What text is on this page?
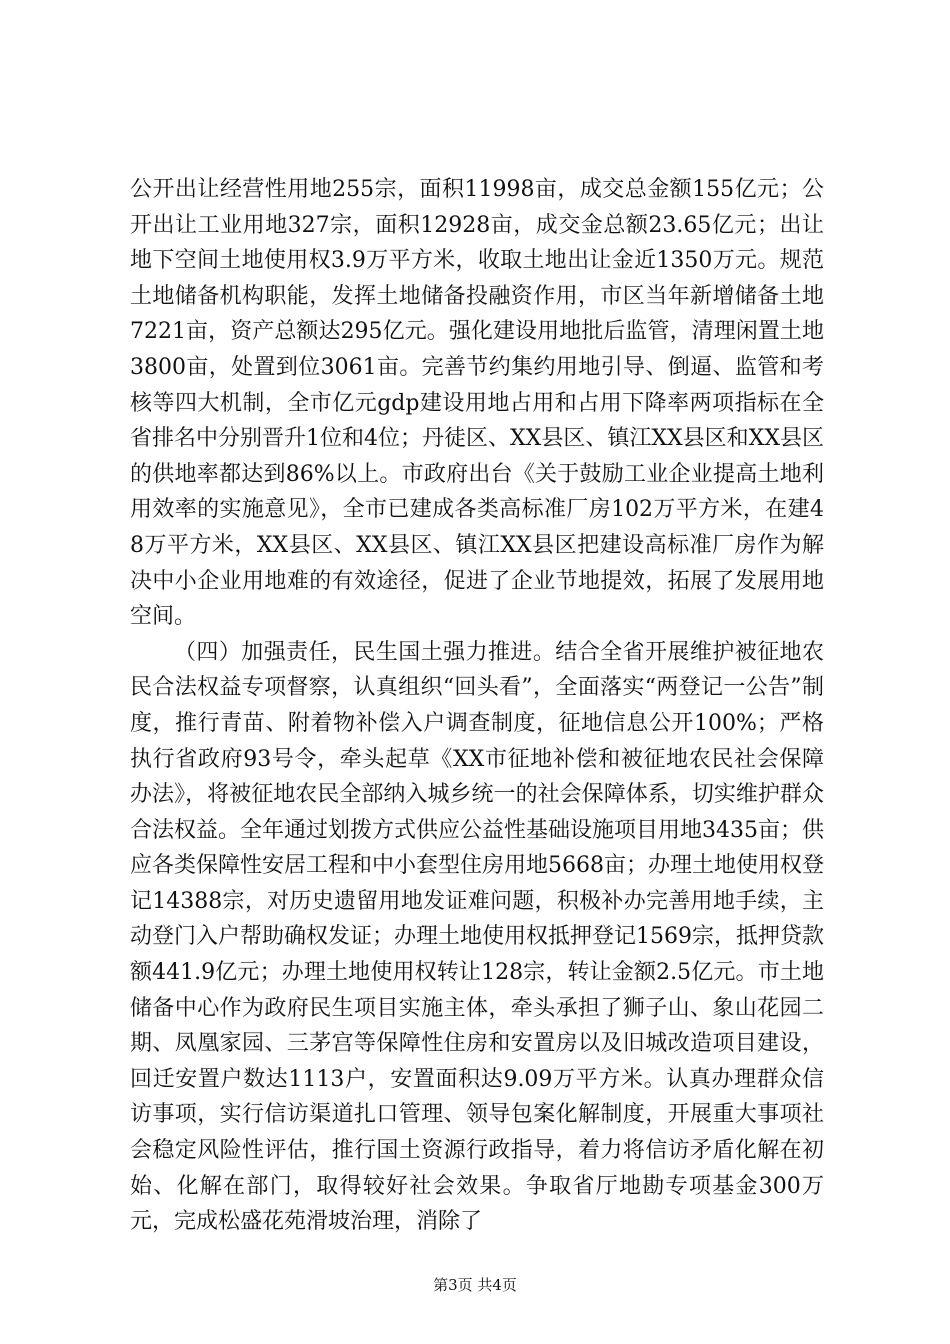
公开出让经营性用地255宗，面积11998亩，成交总金额155亿元；公开出让工业用地327宗，面积12928亩，成交金总额23.65亿元；出让地下空间土地使用权3.9万平方米，收取土地出让金近1350万元。规范土地储备机构职能，发挥土地储备投融资作用，市区当年新增储备土地7221亩，资产总额达295亿元。强化建设用地批后监管，清理闲置土地3800亩，处置到位3061亩。完善节约集约用地引导、倒逼、监管和考核等四大机制，全市亿元gdp建设用地占用和占用下降率两项指标在全省排名中分别晋升1位和4位；丹徒区、XX县区、镇江XX县区和XX县区的供地率都达到86%以上。市政府出台《关于鼓励工业企业提高土地利用效率的实施意见》，全市已建成各类高标准厂房102万平方米，在建48万平方米，XX县区、XX县区、镇江XX县区把建设高标准厂房作为解决中小企业用地难的有效途径，促进了企业节地提效，拓展了发展用地空间。

（四）加强责任，民生国土强力推进。结合全省开展维护被征地农民合法权益专项督察，认真组织“回头看”，全面落实“两登记一公告”制度，推行青苗、附着物补偿入户调查制度，征地信息公开100%；严格执行省政府93号令，牵头起草《XX市征地补偿和被征地农民社会保障办法》，将被征地农民全部纳入城乡统一的社会保障体系，切实维护群众合法权益。全年通过划拨方式供应公益性基础设施项目用地3435亩；供应各类保障性安居工程和中小套型住房用地5668亩；办理土地使用权登记14388宗，对历史遗留用地发证难问题，积极补办完善用地手续，主动登门入户帮助确权发证；办理土地使用权抵押登记1569宗，抵押贷款额441.9亿元；办理土地使用权转让128宗，转让金额2.5亿元。市土地储备中心作为政府民生项目实施主体，牵头承担了狮子山、象山花园二期、凤凰家园、三茅宫等保障性住房和安置房以及旧城改造项目建设，回迁安置户数达1113户，安置面积达9.09万平方米。认真办理群众信访事项，实行信访渠道扎口管理、领导包案化解制度，开展重大事项社会稳定风险性评估，推行国土资源行政指导，着力将信访矛盾化解在初始、化解在部门，取得较好社会效果。争取省厅地勘专项基金300万元，完成松盛花苑滑坡治理，消除了

第3页 共4页
